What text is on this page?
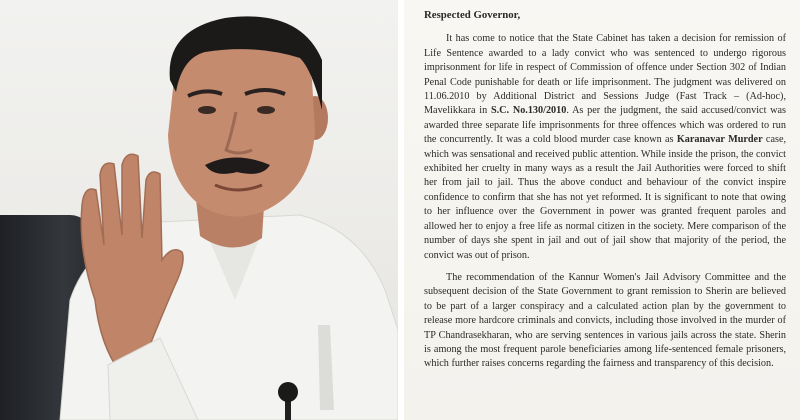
Respected Governor,

It has come to notice that the State Cabinet has taken a decision for remission of Life Sentence awarded to a lady convict who was sentenced to undergo rigorous imprisonment for life in respect of Commission of offence under Section 302 of Indian Penal Code punishable for death or life imprisonment. The judgment was delivered on 11.06.2010 by Additional District and Sessions Judge (Fast Track – (Ad-hoc), Mavelikkara in S.C. No.130/2010. As per the judgment, the said accused/convict was awarded three separate life imprisonments for three offences which was ordered to run the concurrently. It was a cold blood murder case known as Karanavar Murder case, which was sensational and received public attention. While inside the prison, the convict exhibited her cruelty in many ways as a result the Jail Authorities were forced to shift her from jail to jail. Thus the above conduct and behaviour of the convict inspire confidence to confirm that she has not yet reformed. It is significant to note that owing to her influence over the Government in power was granted frequent paroles and allowed her to enjoy a free life as normal citizen in the society. Mere comparison of the number of days she spent in jail and out of jail show that majority of the period, the convict was out of prison.

The recommendation of the Kannur Women's Jail Advisory Committee and the subsequent decision of the State Government to grant remission to Sherin are believed to be part of a larger conspiracy and a calculated action plan by the government to release more hardcore criminals and convicts, including those involved in the murder of TP Chandrasekharan, who are serving sentences in various jails across the state. Sherin is among the most frequent parole beneficiaries among life-sentenced female prisoners, which further raises concerns regarding the fairness and transparency of this decision.
